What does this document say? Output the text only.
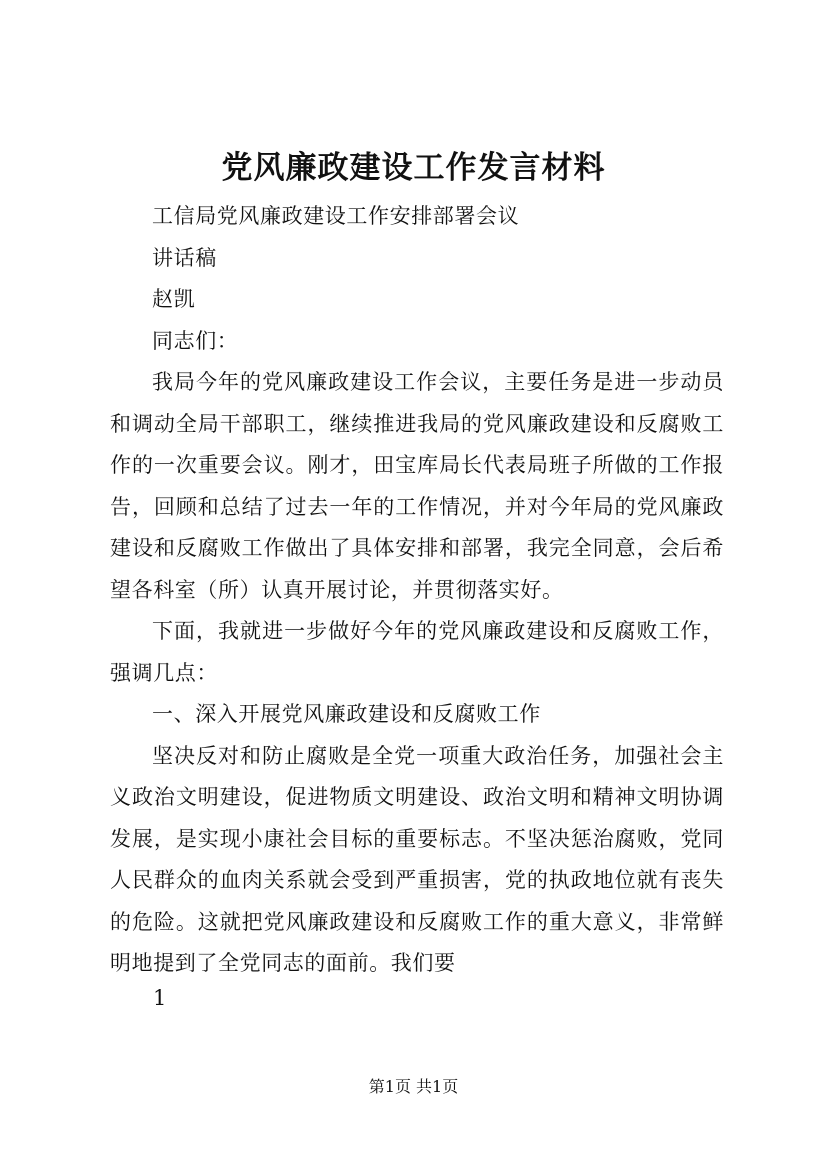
党风廉政建设工作发言材料

工信局党风廉政建设工作安排部署会议

讲话稿

赵凯

同志们：

我局今年的党风廉政建设工作会议，主要任务是进一步动员和调动全局干部职工，继续推进我局的党风廉政建设和反腐败工作的一次重要会议。刚才，田宝库局长代表局班子所做的工作报告，回顾和总结了过去一年的工作情况，并对今年局的党风廉政建设和反腐败工作做出了具体安排和部署，我完全同意，会后希望各科室（所）认真开展讨论，并贯彻落实好。

下面，我就进一步做好今年的党风廉政建设和反腐败工作，强调几点：

一、深入开展党风廉政建设和反腐败工作

坚决反对和防止腐败是全党一项重大政治任务，加强社会主义政治文明建设，促进物质文明建设、政治文明和精神文明协调发展，是实现小康社会目标的重要标志。不坚决惩治腐败，党同人民群众的血肉关系就会受到严重损害，党的执政地位就有丧失的危险。这就把党风廉政建设和反腐败工作的重大意义，非常鲜明地提到了全党同志的面前。我们要

1
第1页 共1页
